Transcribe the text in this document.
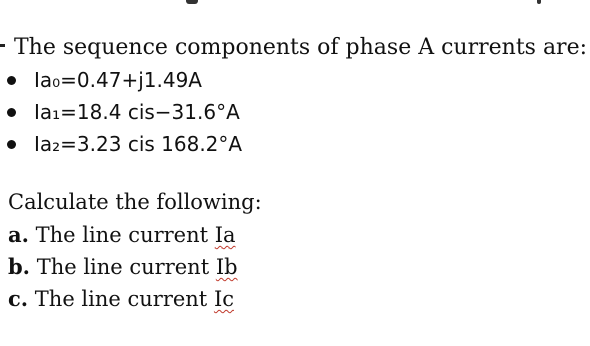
The sequence components of phase A currents are:
Ia₀=0.47+j1.49A
Ia₁=18.4 cis−31.6°A
Ia₂=3.23 cis 168.2°A
Calculate the following:
a. The line current Ia
b. The line current Ib
c. The line current Ic
